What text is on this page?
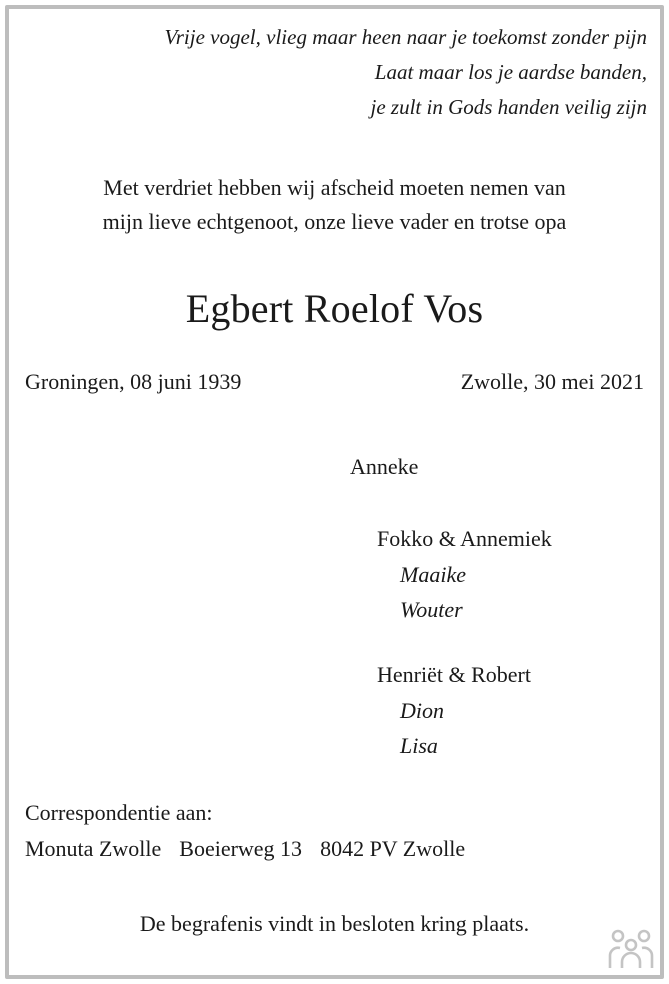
Vrije vogel, vlieg maar heen naar je toekomst zonder pijn
Laat maar los je aardse banden,
je zult in Gods handen veilig zijn
Met verdriet hebben wij afscheid moeten nemen van
mijn lieve echtgenoot, onze lieve vader en trotse opa
Egbert Roelof Vos
Groningen, 08 juni 1939	Zwolle, 30 mei 2021
Anneke
Fokko & Annemiek
Maaike
Wouter
Henriët & Robert
Dion
Lisa
Correspondentie aan:
Monuta Zwolle Boeierweg 13 8042 PV Zwolle
De begrafenis vindt in besloten kring plaats.
